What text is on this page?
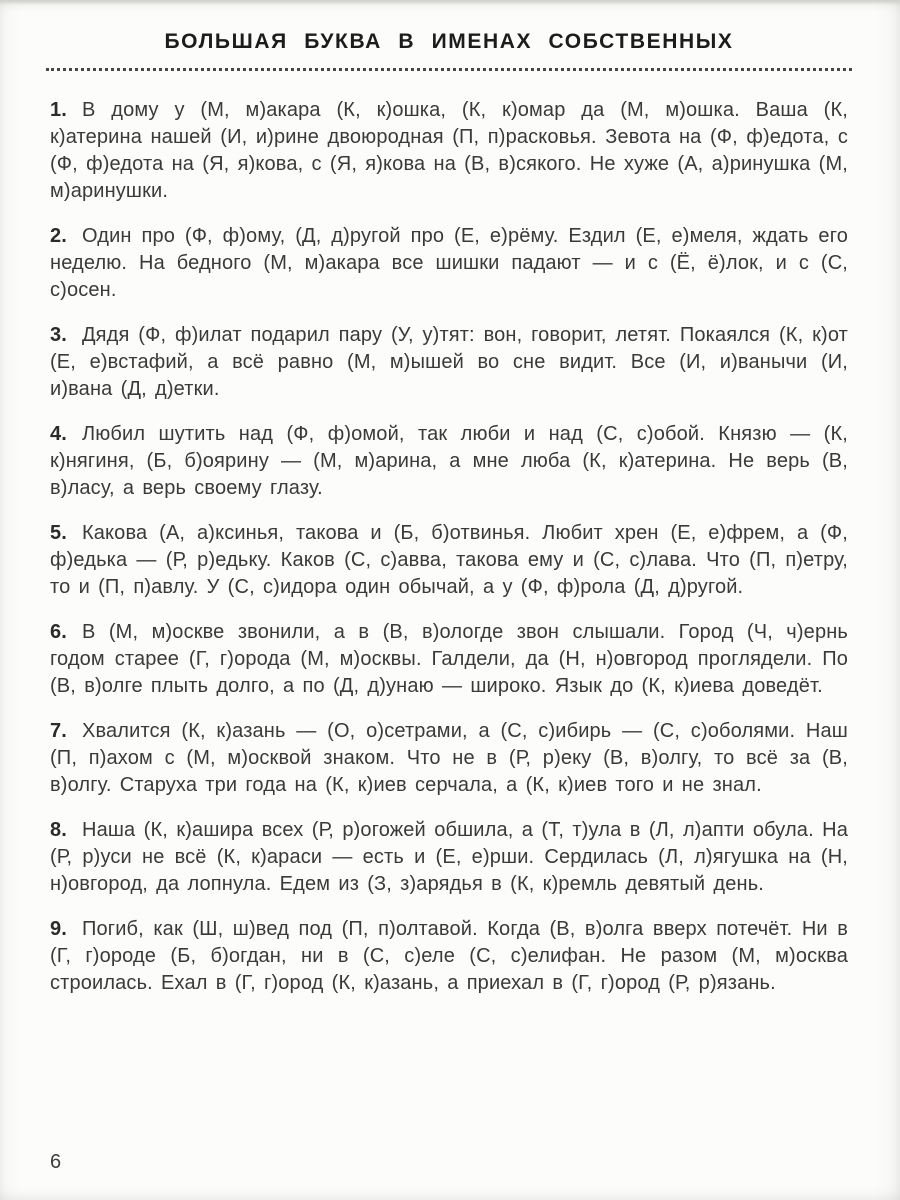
БОЛЬШАЯ БУКВА В ИМЕНАХ СОБСТВЕННЫХ

1. В дому у (М, м)акара (К, к)ошка, (К, к)омар да (М, м)ошка. Ваша (К, к)атерина нашей (И, и)рине двоюродная (П, п)расковья. Зевота на (Ф, ф)едота, с (Ф, ф)едота на (Я, я)кова, с (Я, я)кова на (В, в)сякого. Не хуже (А, а)ринушка (М, м)аринушки.

2. Один про (Ф, ф)ому, (Д, д)ругой про (Е, е)рёму. Ездил (Е, е)меля, ждать его неделю. На бедного (М, м)акара все шишки падают — и с (Ё, ё)лок, и с (С, с)осен.

3. Дядя (Ф, ф)илат подарил пару (У, у)тят: вон, говорит, летят. Покаялся (К, к)от (Е, е)встафий, а всё равно (М, м)ышей во сне видит. Все (И, и)ванычи (И, и)вана (Д, д)етки.

4. Любил шутить над (Ф, ф)омой, так люби и над (С, с)обой. Князю — (К, к)нягиня, (Б, б)оярину — (М, м)арина, а мне люба (К, к)атерина. Не верь (В, в)ласу, а верь своему глазу.

5. Какова (А, а)ксинья, такова и (Б, б)отвинья. Любит хрен (Е, е)фрем, а (Ф, ф)едька — (Р, р)едьку. Каков (С, с)авва, такова ему и (С, с)лава. Что (П, п)етру, то и (П, п)авлу. У (С, с)идора один обычай, а у (Ф, ф)рола (Д, д)ругой.

6. В (М, м)оскве звонили, а в (В, в)ологде звон слышали. Город (Ч, ч)ернь годом старее (Г, г)орода (М, м)осквы. Галдели, да (Н, н)овгород проглядели. По (В, в)олге плыть долго, а по (Д, д)унаю — широко. Язык до (К, к)иева доведёт.

7. Хвалится (К, к)азань — (О, о)сетрами, а (С, с)ибирь — (С, с)оболями. Наш (П, п)ахом с (М, м)осквой знаком. Что не в (Р, р)еку (В, в)олгу, то всё за (В, в)олгу. Старуха три года на (К, к)иев серчала, а (К, к)иев того и не знал.

8. Наша (К, к)ашира всех (Р, р)огожей обшила, а (Т, т)ула в (Л, л)апти обула. На (Р, р)уси не всё (К, к)араси — есть и (Е, е)рши. Сердилась (Л, л)ягушка на (Н, н)овгород, да лопнула. Едем из (З, з)арядья в (К, к)ремль девятый день.

9. Погиб, как (Ш, ш)вед под (П, п)олтавой. Когда (В, в)олга вверх потечёт. Ни в (Г, г)ороде (Б, б)огдан, ни в (С, с)еле (С, с)елифан. Не разом (М, м)осква строилась. Ехал в (Г, г)ород (К, к)азань, а приехал в (Г, г)ород (Р, р)язань.

6
